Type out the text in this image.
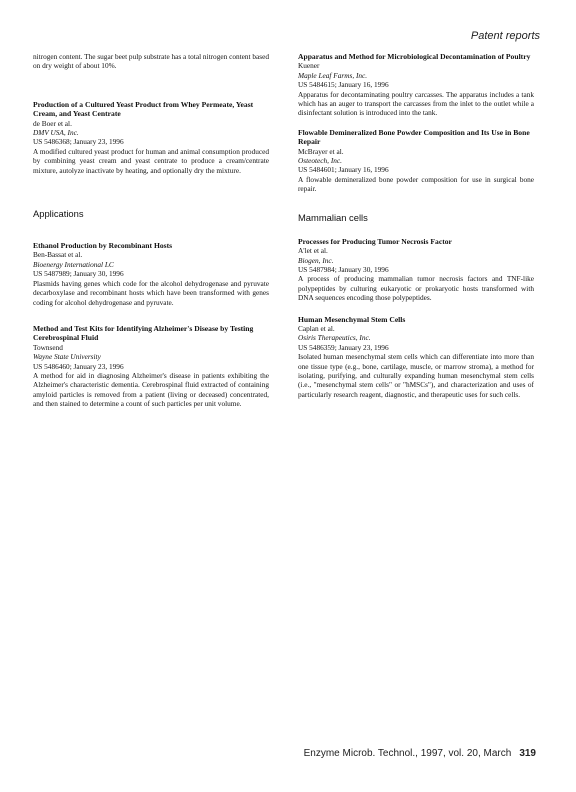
Patent reports

nitrogen content. The sugar beet pulp substrate has a total nitrogen content based on dry weight of about 10%.

Production of a Cultured Yeast Product from Whey Permeate, Yeast Cream, and Yeast Centrate

de Boer et al.

DMV USA, Inc.

US 5486368; January 23, 1996

A modified cultured yeast product for human and animal consumption produced by combining yeast cream and yeast centrate to produce a cream/centrate mixture, autolyze inactivate by heating, and optionally dry the mixture.

Applications

Ethanol Production by Recombinant Hosts

Ben-Bassat et al.

Bioenergy International LC

US 5487989; January 30, 1996

Plasmids having genes which code for the alcohol dehydrogenase and pyruvate decarboxylase and recombinant hosts which have been transformed with genes coding for alcohol dehydrogenase and pyruvate.

Method and Test Kits for Identifying Alzheimer's Disease by Testing Cerebrospinal Fluid

Townsend

Wayne State University

US 5486460; January 23, 1996

A method for aid in diagnosing Alzheimer's disease in patients exhibiting the Alzheimer's characteristic dementia. Cerebrospinal fluid extracted of containing amyloid particles is removed from a patient (living or deceased) concentrated, and then stained to determine a count of such particles per unit volume.

Apparatus and Method for Microbiological Decontamination of Poultry

Kuener

Maple Leaf Farms, Inc.

US 5484615; January 16, 1996

Apparatus for decontaminating poultry carcasses. The apparatus includes a tank which has an auger to transport the carcasses from the inlet to the outlet while a disinfectant solution is introduced into the tank.

Flowable Demineralized Bone Powder Composition and Its Use in Bone Repair

McBrayer et al.

Osteotech, Inc.

US 5484601; January 16, 1996

A flowable demineralized bone powder composition for use in surgical bone repair.

Mammalian cells

Processes for Producing Tumor Necrosis Factor

A'let et al.

Biogen, Inc.

US 5487984; January 30, 1996

A process of producing mammalian tumor necrosis factors and TNF-like polypeptides by culturing eukaryotic or prokaryotic hosts transformed with DNA sequences encoding those polypeptides.

Human Mesenchymal Stem Cells

Caplan et al.

Osiris Therapeutics, Inc.

US 5486359; January 23, 1996

Isolated human mesenchymal stem cells which can differentiate into more than one tissue type (e.g., bone, cartilage, muscle, or marrow stroma), a method for isolating, purifying, and culturally expanding human mesenchymal stem cells (i.e., "mesenchymal stem cells" or "hMSCs"), and characterization and uses of particularly research reagent, diagnostic, and therapeutic uses for such cells.

Enzyme Microb. Technol., 1997, vol. 20, March 319
